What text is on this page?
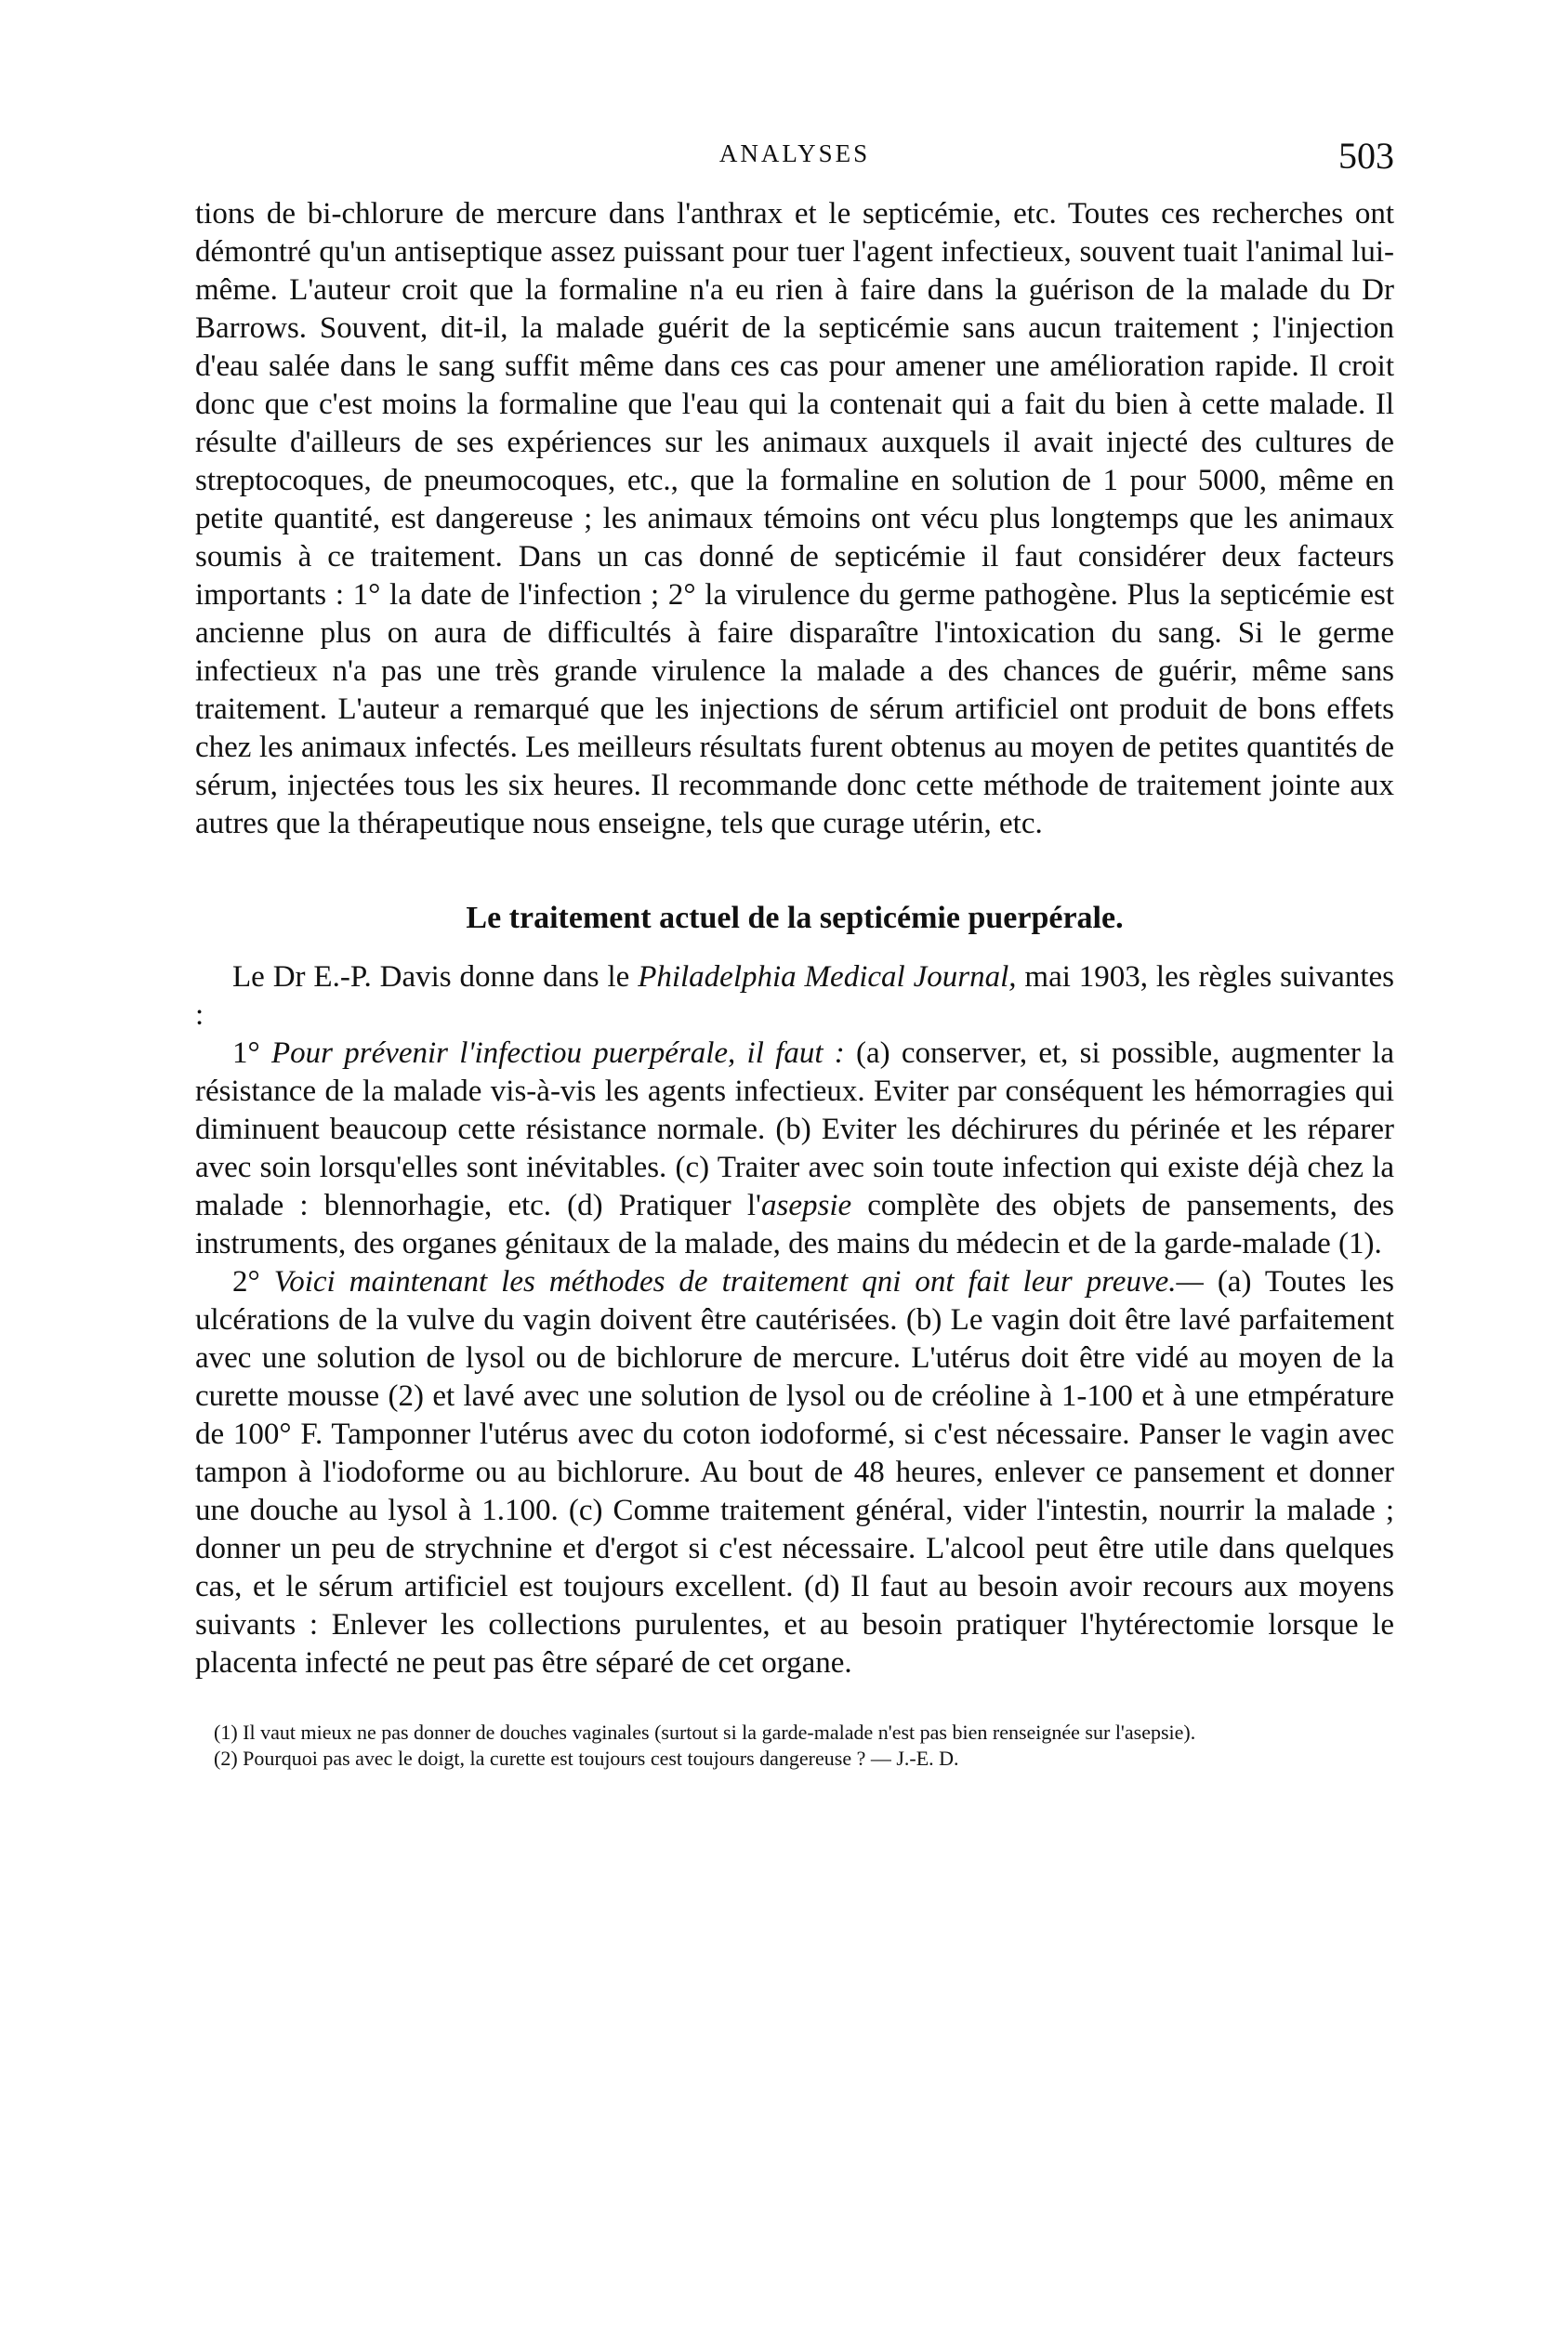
ANALYSES	503

tions de bi-chlorure de mercure dans l'anthrax et le septicémie, etc. Toutes ces recherches ont démontré qu'un antiseptique assez puissant pour tuer l'agent infectieux, souvent tuait l'animal lui-même. L'auteur croit que la formaline n'a eu rien à faire dans la guérison de la malade du Dr Barrows. Souvent, dit-il, la malade guérit de la septicémie sans aucun traitement ; l'injection d'eau salée dans le sang suffit même dans ces cas pour amener une amélioration rapide. Il croit donc que c'est moins la formaline que l'eau qui la contenait qui a fait du bien à cette malade. Il résulte d'ailleurs de ses expériences sur les animaux auxquels il avait injecté des cultures de streptocoques, de pneumocoques, etc., que la formaline en solution de 1 pour 5000, même en petite quantité, est dangereuse ; les animaux témoins ont vécu plus longtemps que les animaux soumis à ce traitement. Dans un cas donné de septicémie il faut considérer deux facteurs importants : 1° la date de l'infection ; 2° la virulence du germe pathogène. Plus la septicémie est ancienne plus on aura de difficultés à faire disparaître l'intoxication du sang. Si le germe infectieux n'a pas une très grande virulence la malade a des chances de guérir, même sans traitement. L'auteur a remarqué que les injections de sérum artificiel ont produit de bons effets chez les animaux infectés. Les meilleurs résultats furent obtenus au moyen de petites quantités de sérum, injectées tous les six heures. Il recommande donc cette méthode de traitement jointe aux autres que la thérapeutique nous enseigne, tels que curage utérin, etc.

Le traitement actuel de la septicémie puerpérale.

Le Dr E.-P. Davis donne dans le Philadelphia Medical Journal, mai 1903, les règles suivantes :

1° Pour prévenir l'infectiou puerpérale, il faut : (a) conserver, et, si possible, augmenter la résistance de la malade vis-à-vis les agents infectieux. Eviter par conséquent les hémorragies qui diminuent beaucoup cette résistance normale. (b) Eviter les déchirures du périnée et les réparer avec soin lorsqu'elles sont inévitables. (c) Traiter avec soin toute infection qui existe déjà chez la malade : blennorhagie, etc. (d) Pratiquer l'asepsie complète des objets de pansements, des instruments, des organes génitaux de la malade, des mains du médecin et de la garde-malade (1).

2° Voici maintenant les méthodes de traitement qni ont fait leur preuve.— (a) Toutes les ulcérations de la vulve du vagin doivent être cautérisées. (b) Le vagin doit être lavé parfaitement avec une solution de lysol ou de bichlorure de mercure. L'utérus doit être vidé au moyen de la curette mousse (2) et lavé avec une solution de lysol ou de créoline à 1-100 et à une etmpérature de 100° F. Tamponner l'utérus avec du coton iodoformé, si c'est nécessaire. Panser le vagin avec tampon à l'iodoforme ou au bichlorure. Au bout de 48 heures, enlever ce pansement et donner une douche au lysol à 1.100. (c) Comme traitement général, vider l'intestin, nourrir la malade ; donner un peu de strychnine et d'ergot si c'est nécessaire. L'alcool peut être utile dans quelques cas, et le sérum artificiel est toujours excellent. (d) Il faut au besoin avoir recours aux moyens suivants : Enlever les collections purulentes, et au besoin pratiquer l'hytérectomie lorsque le placenta infecté ne peut pas être séparé de cet organe.

(1) Il vaut mieux ne pas donner de douches vaginales (surtout si la garde-malade n'est pas bien renseignée sur l'asepsie).

(2) Pourquoi pas avec le doigt, la curette est toujours cest toujours dangereuse ? — J.-E. D.
